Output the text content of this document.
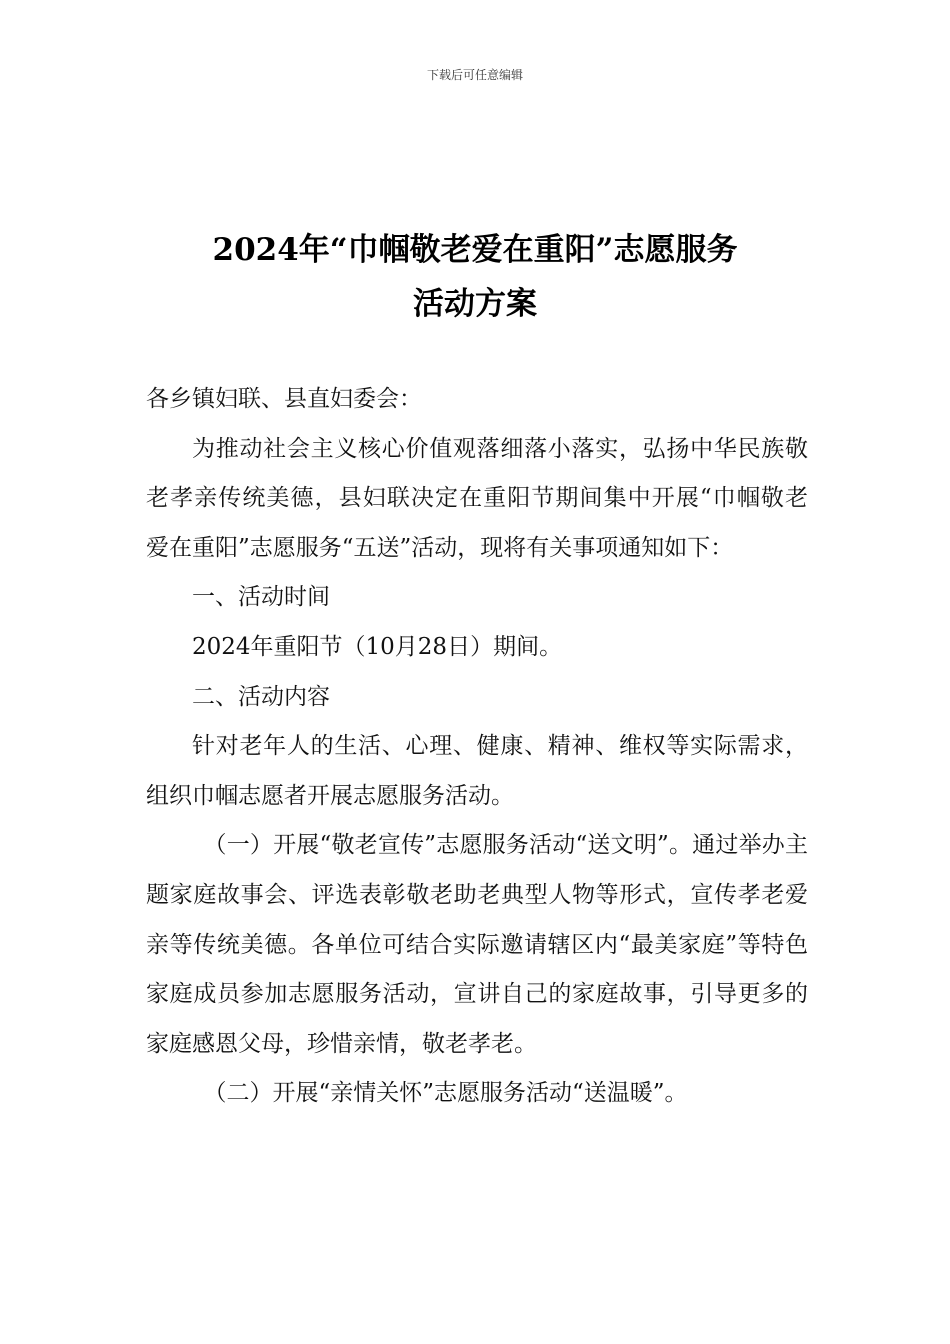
下载后可任意编辑
2024年“巾帼敬老爱在重阳”志愿服务
活动方案

各乡镇妇联、县直妇委会：

为推动社会主义核心价值观落细落小落实，弘扬中华民族敬老孝亲传统美德，县妇联决定在重阳节期间集中开展“巾帼敬老 爱在重阳”志愿服务“五送”活动，现将有关事项通知如下：

一、活动时间

2024年重阳节（10月28日）期间。

二、活动内容

针对老年人的生活、心理、健康、精神、维权等实际需求，组织巾帼志愿者开展志愿服务活动。

（一）开展“敬老宣传”志愿服务活动“送文明”。通过举办主题家庭故事会、评选表彰敬老助老典型人物等形式，宣传孝老爱亲等传统美德。各单位可结合实际邀请辖区内“最美家庭”等特色家庭成员参加志愿服务活动，宣讲自己的家庭故事，引导更多的家庭感恩父母，珍惜亲情，敬老孝老。

（二）开展“亲情关怀”志愿服务活动“送温暖”。
